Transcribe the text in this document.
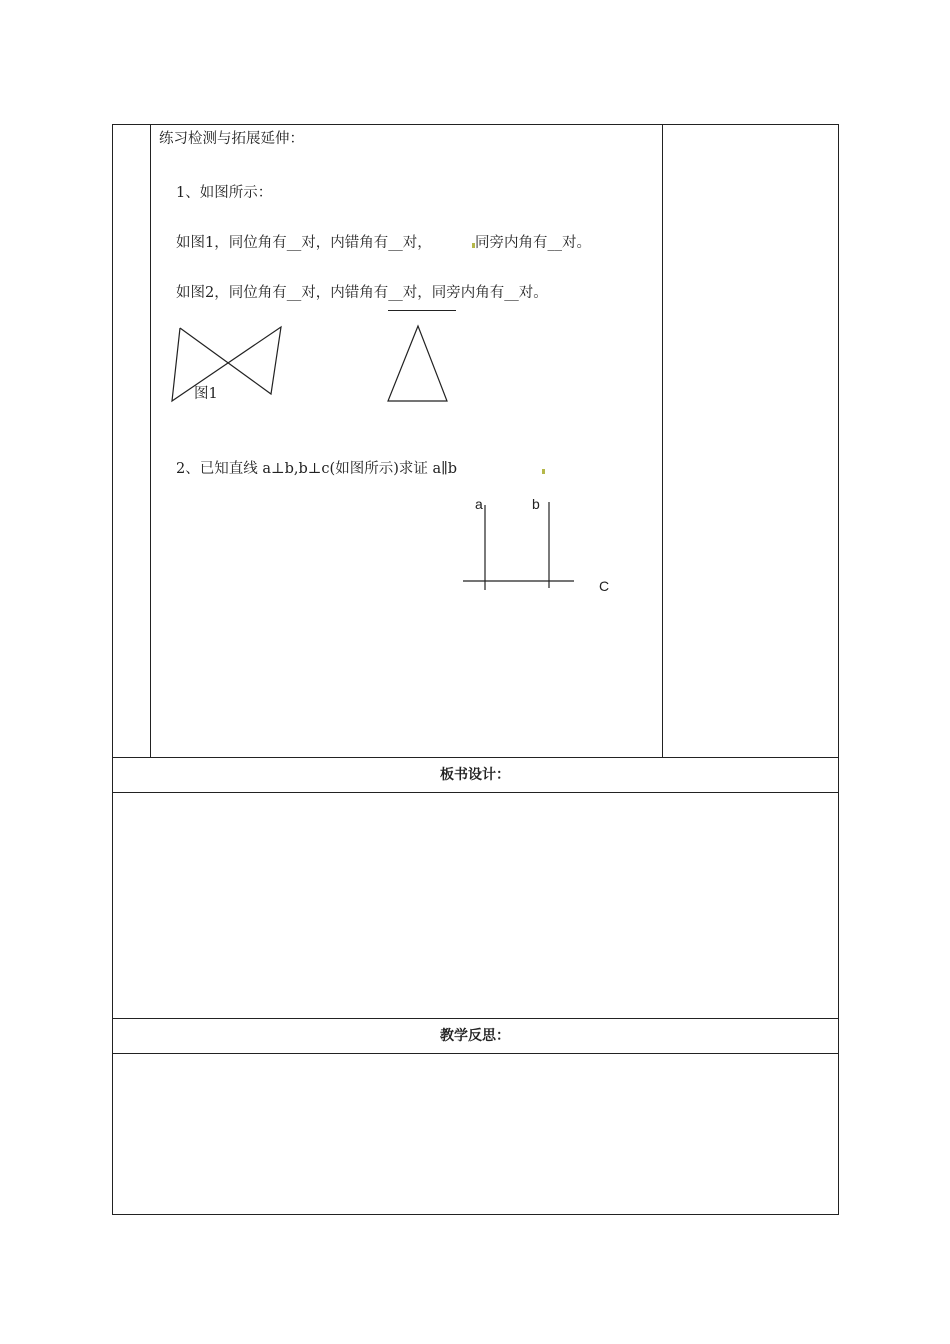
练习检测与拓展延伸：
1、如图所示：
如图1，同位角有__对，内错角有__对，	同旁内角有__对。
如图2，同位角有__对，内错角有__对，同旁内角有__对。
图1
2、已知直线 a⊥b,b⊥c(如图所示)求证 a∥b
a	b
C
板书设计：
教学反思：
